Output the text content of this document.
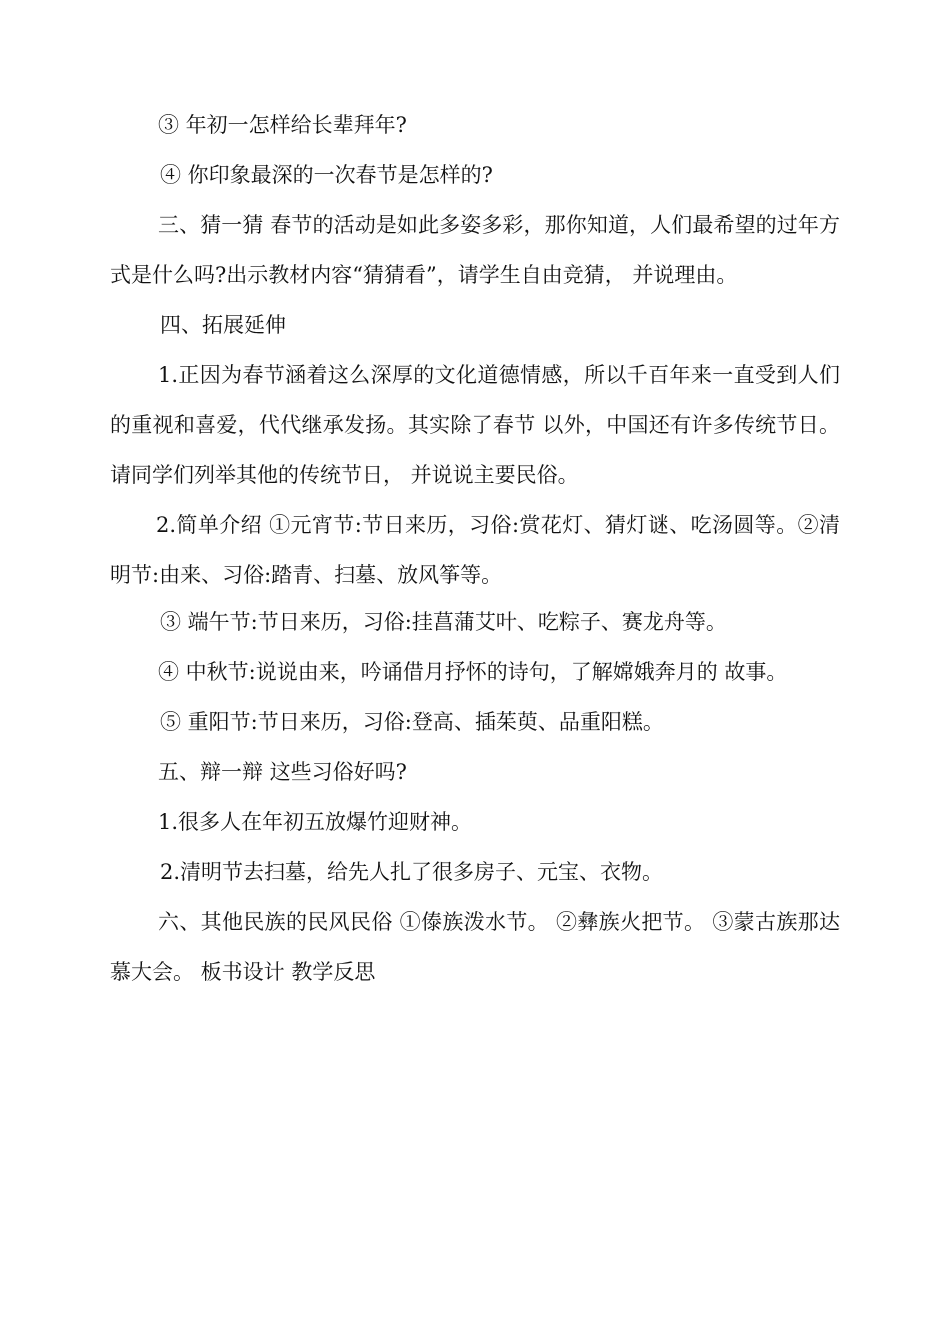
③ 年初一怎样给长辈拜年?
④ 你印象最深的一次春节是怎样的?
三、猜一猜 春节的活动是如此多姿多彩，那你知道，人们最希望的过年方式是什么吗?出示教材内容“猜猜看”，请学生自由竞猜， 并说理由。
四、拓展延伸
1.正因为春节涵着这么深厚的文化道德情感，所以千百年来一直受到人们的重视和喜爱，代代继承发扬。其实除了春节 以外，中国还有许多传统节日。请同学们列举其他的传统节日， 并说说主要民俗。
2.简单介绍 ①元宵节:节日来历，习俗:赏花灯、猜灯谜、吃汤圆等。②清明节:由来、习俗:踏青、扫墓、放风筝等。
③ 端午节:节日来历，习俗:挂菖蒲艾叶、吃粽子、赛龙舟等。
④ 中秋节:说说由来，吟诵借月抒怀的诗句，了解嫦娥奔月的 故事。
⑤ 重阳节:节日来历，习俗:登高、插茱萸、品重阳糕。
五、辩一辩 这些习俗好吗?
1.很多人在年初五放爆竹迎财神。
2.清明节去扫墓，给先人扎了很多房子、元宝、衣物。
六、其他民族的民风民俗 ①傣族泼水节。 ②彝族火把节。 ③蒙古族那达慕大会。 板书设计 教学反思
